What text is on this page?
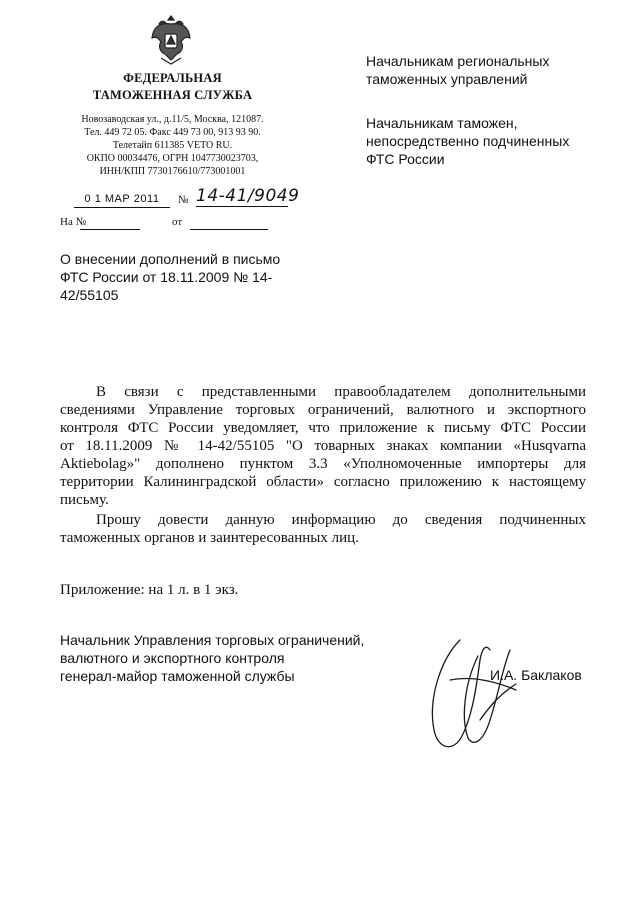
ФЕДЕРАЛЬНАЯ
ТАМОЖЕННАЯ СЛУЖБА
Новозаводская ул., д.11/5, Москва, 121087.
Тел. 449 72 05. Факс 449 73 00, 913 93 90.
Телетайп 611385 VETO RU.
ОКПО 00034476, ОГРН 1047730023703,
ИНН/КПП 7730176610/773001001
0 1 МАР 2011	№ 14-41/9049
На №	от
Начальникам региональных
таможенных управлений
Начальникам таможен,
непосредственно подчиненных
ФТС России
О внесении дополнений в письмо
ФТС России от 18.11.2009 № 14-
42/55105
В связи с представленными правообладателем дополнительными
сведениями Управление торговых ограничений, валютного и экспортного
контроля ФТС России уведомляет, что приложение к письму ФТС России
от 18.11.2009 № 14-42/55105 "О товарных знаках компании «Husqvarna
Aktiebolag»" дополнено пунктом 3.3 «Уполномоченные импортеры для
территории Калининградской области» согласно приложению к настоящему
письму.
Прошу довести данную информацию до сведения подчиненных
таможенных органов и заинтересованных лиц.
Приложение: на 1 л. в 1 экз.
Начальник Управления торговых ограничений,
валютного и экспортного контроля
генерал-майор таможенной службы	И.А. Баклаков
